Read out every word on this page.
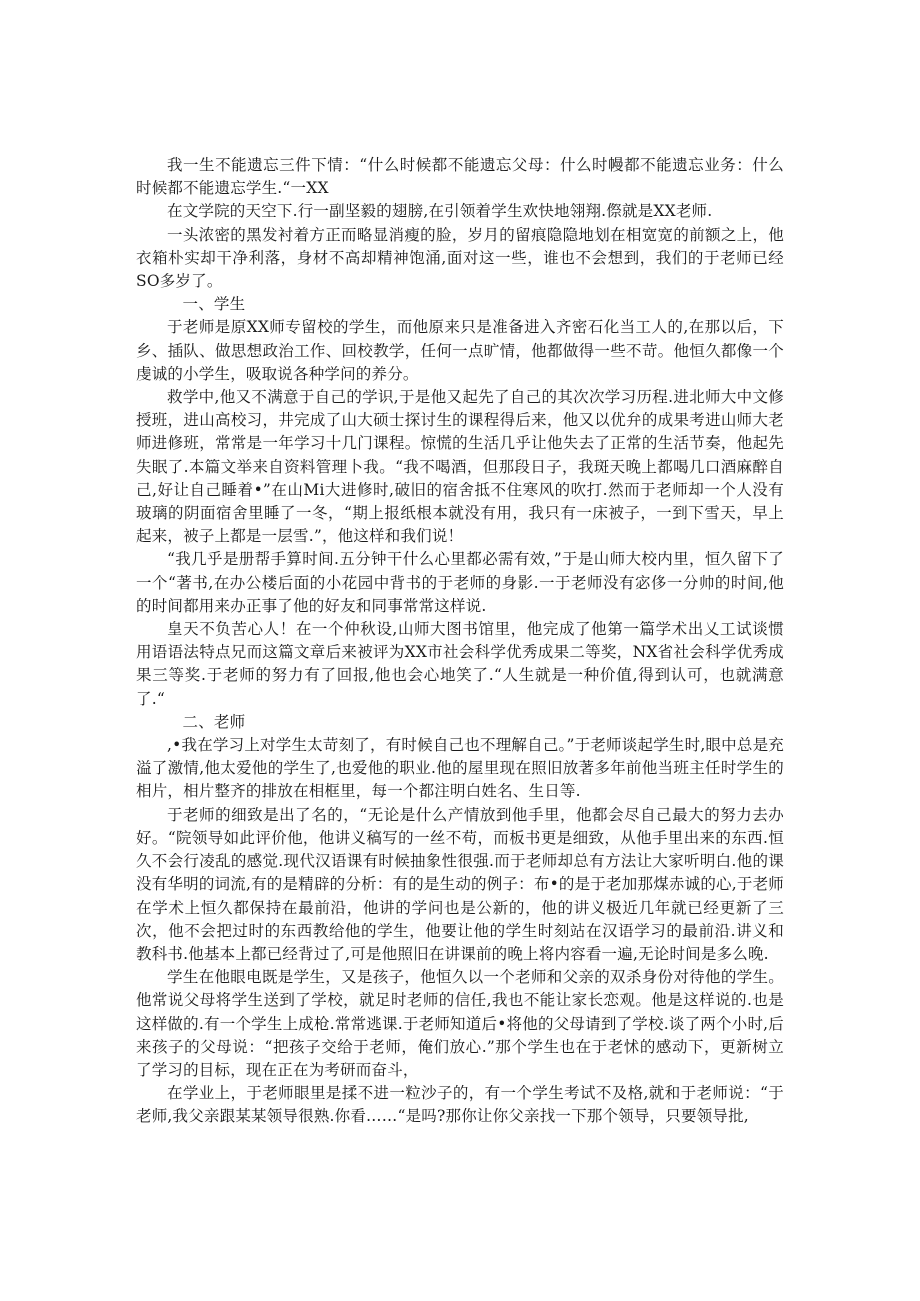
我一生不能遗忘三件下情：“什么时候都不能遗忘父母：什么时幔都不能遗忘业务：什么时候都不能遗忘学生.“一XX

在文学院的天空下.行一副坚毅的翅膀,在引领着学生欢快地翎翔.傺就是XX老师.

一头浓密的黑发衬着方正而略显消瘦的脸，岁月的留痕隐隐地划在相宽宽的前额之上，他衣箱朴实却干净利落，身材不高却精神饱涌,面对这一些，谁也不会想到，我们的于老师已经SO多岁了。

一、学生

于老师是原XX师专留校的学生，而他原来只是准备进入齐密石化当工人的,在那以后，下乡、插队、做思想政治工作、回校教学，任何一点旷情，他都做得一些不苛。他恒久都像一个虔诚的小学生，吸取说各种学问的养分。

救学中,他又不满意于自己的学识,于是他又起先了自己的其次次学习历程.进北师大中文修授班，进山高校习，井完成了山大硕士探讨生的课程得后来，他又以优弁的成果考进山师大老师进修班，常常是一年学习十几门课程。惊慌的生活几乎让他失去了正常的生活节奏，他起先失眠了.本篇文举来自资料管理卜我。“我不喝酒，但那段日子，我斑天晚上都喝几口酒麻醉自己,好让自己睡着•”在山Mi大进修时,破旧的宿舍抵不住寒风的吹打.然而于老师却一个人没有玻璃的阴面宿舍里睡了一冬，“期上报纸根本就没有用，我只有一床被子，一到下雪天，早上起来，被子上都是一层雪.”，他这样和我们说！

“我几乎是册帮手算时间.五分钟干什么心里都必需有效，”于是山师大校内里，恒久留下了一个“著书,在办公楼后面的小花园中背书的于老师的身影.一于老师没有宓侈一分帅的时间,他的时间都用来办正事了他的好友和同事常常这样说.

皇天不负苦心人！在一个仲秋设,山师大图书馆里，他完成了他第一篇学术出乂工试谈惯用语语法特点兄而这篇文章后来被评为XX市社会科学优秀成果二等奖，NX省社会科学优秀成果三等奖.于老师的努力有了回报,他也会心地笑了.“人生就是一种价值,得到认可，也就满意了.“

二、老师

,•我在学习上对学生太苛刻了，有时候自己也不理解自己。”于老师谈起学生时,眼中总是充溢了激情,他太爱他的学生了,也爱他的职业.他的屋里现在照旧放著多年前他当班主任时学生的相片，相片整齐的排放在相框里，每一个都注明白姓名、生日等.

于老师的细致是出了名的，“无论是什么产情放到他手里，他都会尽自己最大的努力去办好。“院领导如此评价他，他讲义稿写的一丝不苟，而板书更是细致，从他手里出来的东西.恒久不会行凌乱的感觉.现代汉语课有时候抽象性很强.而于老师却总有方法让大家听明白.他的课没有华明的词流,有的是精辟的分析：有的是生动的例子：布•的是于老加那煤赤诚的心,于老师在学术上恒久都保持在最前沿，他讲的学问也是公新的，他的讲义极近几年就已经更新了三次，他不会把过时的东西教给他的学生，他要让他的学生时刻站在汉语学习的最前沿.讲义和教科书.他基本上都已经背过了,可是他照旧在讲课前的晚上将内容看一遍,无论时间是多么晚.

学生在他眼电既是学生，又是孩子，他恒久以一个老师和父亲的双杀身份对待他的学生。他常说父母将学生送到了学校，就足时老师的信任,我也不能让家长恋观。他是这样说的.也是这样做的.有一个学生上成枪.常常逃课.于老师知道后•将他的父母请到了学校.谈了两个小时,后来孩子的父母说：“把孩子交给于老师，俺们放心.”那个学生也在于老怵的感动下，更新树立了学习的目标，现在正在为考研而奋斗，

在学业上，于老师眼里是揉不进一粒沙子的，有一个学生考试不及格,就和于老师说：“于老师,我父亲跟某某领导很熟.你看……“是吗?那你让你父亲找一下那个领导，只要领导批,
